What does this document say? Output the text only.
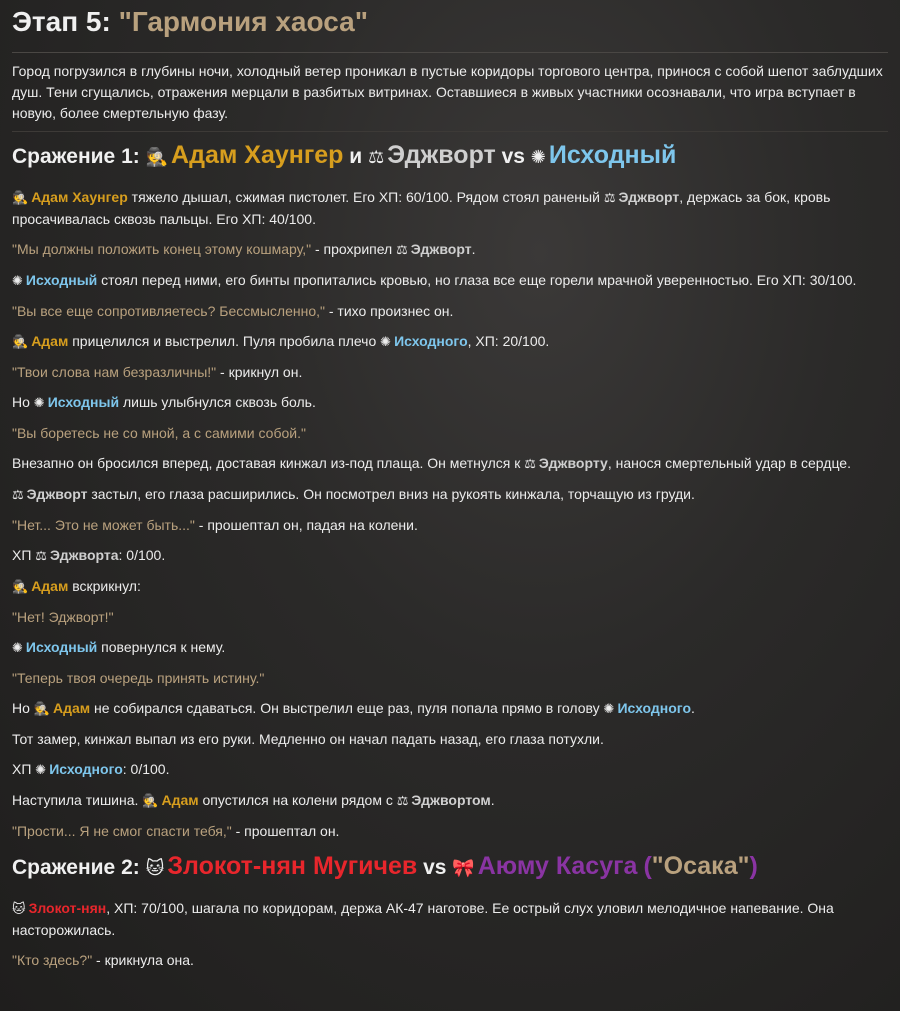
Этап 5: "Гармония хаоса"

Город погрузился в глубины ночи, холодный ветер проникал в пустые коридоры торгового центра, принося с собой шепот заблудших душ. Тени сгущались, отражения мерцали в разбитых витринах. Оставшиеся в живых участники осознавали, что игра вступает в новую, более смертельную фазу.

Сражение 1: 🕵 Адам Хаунгер и ⚖ Эджворт vs ✺ Исходный

🕵 Адам Хаунгер тяжело дышал, сжимая пистолет. Его ХП: 60/100. Рядом стоял раненый ⚖ Эджворт, держась за бок, кровь просачивалась сквозь пальцы. Его ХП: 40/100.

"Мы должны положить конец этому кошмару," - прохрипел ⚖ Эджворт.

✺ Исходный стоял перед ними, его бинты пропитались кровью, но глаза все еще горели мрачной уверенностью. Его ХП: 30/100.

"Вы все еще сопротивляетесь? Бессмысленно," - тихо произнес он.

🕵 Адам прицелился и выстрелил. Пуля пробила плечо ✺ Исходного, ХП: 20/100.

"Твои слова нам безразличны!" - крикнул он.

Но ✺ Исходный лишь улыбнулся сквозь боль.

"Вы боретесь не со мной, а с самими собой."

Внезапно он бросился вперед, доставая кинжал из-под плаща. Он метнулся к ⚖ Эджворту, нанося смертельный удар в сердце.

⚖ Эджворт застыл, его глаза расширились. Он посмотрел вниз на рукоять кинжала, торчащую из груди.

"Нет... Это не может быть..." - прошептал он, падая на колени.

ХП ⚖ Эджворта: 0/100.

🕵 Адам вскрикнул:

"Нет! Эджворт!"

✺ Исходный повернулся к нему.

"Теперь твоя очередь принять истину."

Но 🕵 Адам не собирался сдаваться. Он выстрелил еще раз, пуля попала прямо в голову ✺ Исходного.

Тот замер, кинжал выпал из его руки. Медленно он начал падать назад, его глаза потухли.

ХП ✺ Исходного: 0/100.

Наступила тишина. 🕵 Адам опустился на колени рядом с ⚖ Эджвортом.

"Прости... Я не смог спасти тебя," - прошептал он.

Сражение 2: 🐱 Злокот-нян Мугичев vs 🎀 Аюму Касуга ("Осака")

🐱 Злокот-нян, ХП: 70/100, шагала по коридорам, держа АК-47 наготове. Ее острый слух уловил мелодичное напевание. Она насторожилась.

"Кто здесь?" - крикнула она.
